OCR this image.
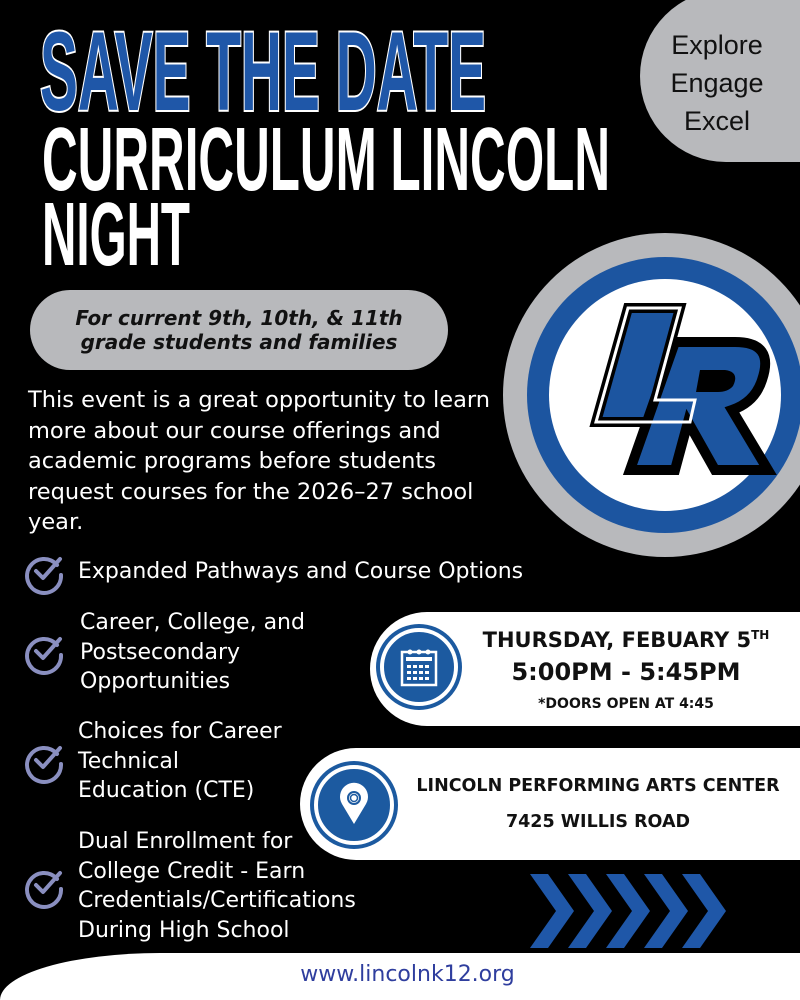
SAVE THE DATE
CURRICULUM LINCOLN
NIGHT
Explore
Engage
Excel
LR
For current 9th, 10th, & 11th
grade students and families
This event is a great opportunity to learn more about our course offerings and academic programs before students request courses for the 2026–27 school year.
Expanded Pathways and Course Options
Career, College, and
Postsecondary
Opportunities
Choices for Career
Technical
Education (CTE)
Dual Enrollment for
College Credit - Earn
Credentials/Certifications
During High School
THURSDAY, FEBUARY 5TH
5:00PM - 5:45PM
*DOORS OPEN AT 4:45
LINCOLN PERFORMING ARTS CENTER
7425 WILLIS ROAD
www.lincolnk12.org
